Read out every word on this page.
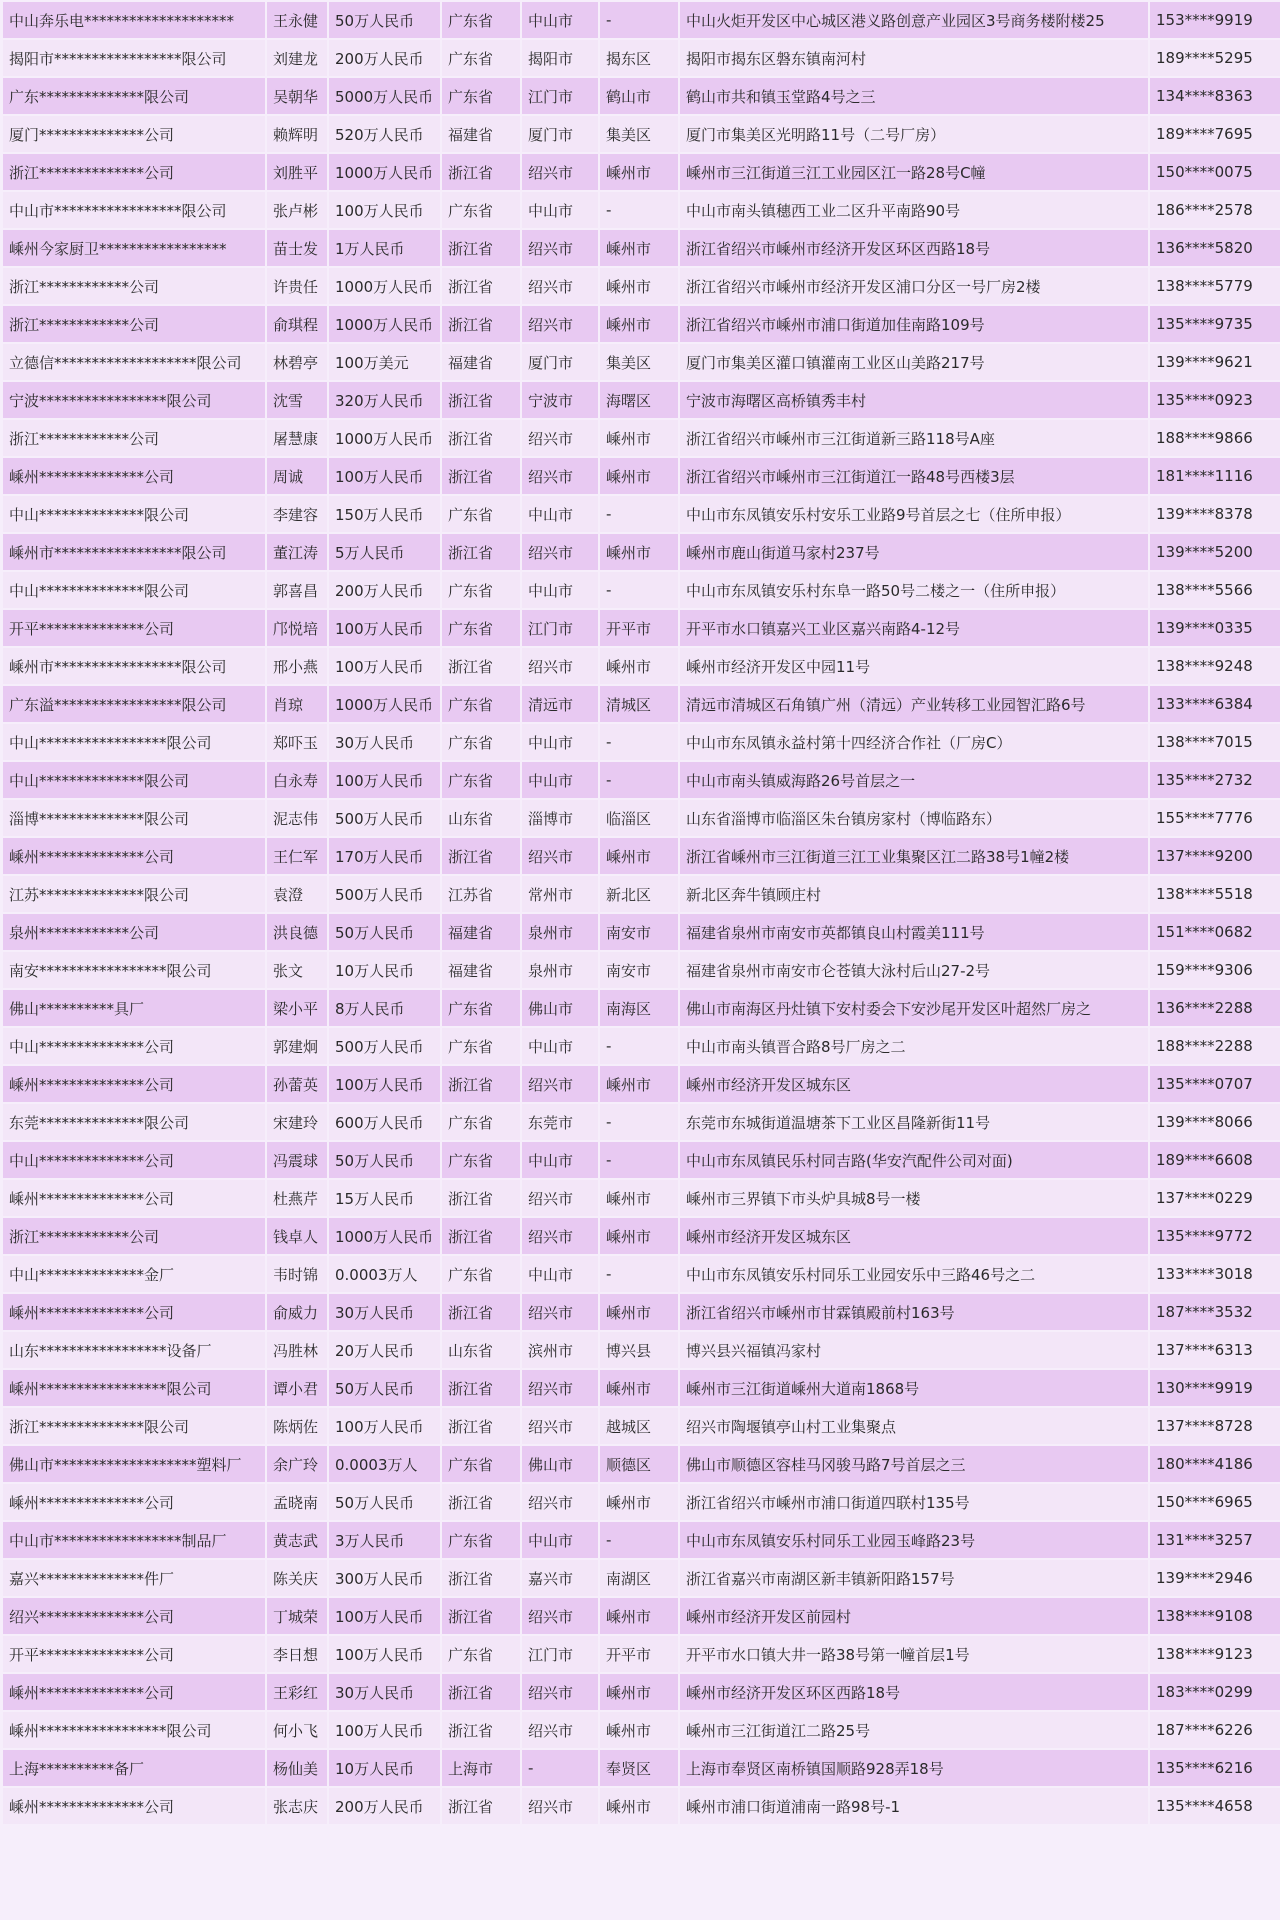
中山奔乐电********************	王永健	50万人民币	广东省	中山市	-	中山火炬开发区中心城区港义路创意产业园区3号商务楼附楼25	153****9919
揭阳市*****************限公司	刘建龙	200万人民币	广东省	揭阳市	揭东区	揭阳市揭东区磐东镇南河村	189****5295
广东**************限公司	吴朝华	5000万人民币	广东省	江门市	鹤山市	鹤山市共和镇玉堂路4号之三	134****8363
厦门**************公司	赖辉明	520万人民币	福建省	厦门市	集美区	厦门市集美区光明路11号（二号厂房）	189****7695
浙江**************公司	刘胜平	1000万人民币	浙江省	绍兴市	嵊州市	嵊州市三江街道三江工业园区江一路28号C幢	150****0075
中山市*****************限公司	张卢彬	100万人民币	广东省	中山市	-	中山市南头镇穗西工业二区升平南路90号	186****2578
嵊州今家厨卫*****************	苗士发	1万人民币	浙江省	绍兴市	嵊州市	浙江省绍兴市嵊州市经济开发区环区西路18号	136****5820
浙江************公司	许贵任	1000万人民币	浙江省	绍兴市	嵊州市	浙江省绍兴市嵊州市经济开发区浦口分区一号厂房2楼	138****5779
浙江************公司	俞琪程	1000万人民币	浙江省	绍兴市	嵊州市	浙江省绍兴市嵊州市浦口街道加佳南路109号	135****9735
立德信*******************限公司	林碧亭	100万美元	福建省	厦门市	集美区	厦门市集美区灌口镇灌南工业区山美路217号	139****9621
宁波*****************限公司	沈雪	320万人民币	浙江省	宁波市	海曙区	宁波市海曙区高桥镇秀丰村	135****0923
浙江************公司	屠慧康	1000万人民币	浙江省	绍兴市	嵊州市	浙江省绍兴市嵊州市三江街道新三路118号A座	188****9866
嵊州**************公司	周诚	100万人民币	浙江省	绍兴市	嵊州市	浙江省绍兴市嵊州市三江街道江一路48号西楼3层	181****1116
中山**************限公司	李建容	150万人民币	广东省	中山市	-	中山市东凤镇安乐村安乐工业路9号首层之七（住所申报）	139****8378
嵊州市*****************限公司	董江涛	5万人民币	浙江省	绍兴市	嵊州市	嵊州市鹿山街道马家村237号	139****5200
中山**************限公司	郭喜昌	200万人民币	广东省	中山市	-	中山市东凤镇安乐村东阜一路50号二楼之一（住所申报）	138****5566
开平**************公司	邝悦培	100万人民币	广东省	江门市	开平市	开平市水口镇嘉兴工业区嘉兴南路4-12号	139****0335
嵊州市*****************限公司	邢小燕	100万人民币	浙江省	绍兴市	嵊州市	嵊州市经济开发区中园11号	138****9248
广东溢*****************限公司	肖琼	1000万人民币	广东省	清远市	清城区	清远市清城区石角镇广州（清远）产业转移工业园智汇路6号	133****6384
中山*****************限公司	郑吓玉	30万人民币	广东省	中山市	-	中山市东凤镇永益村第十四经济合作社（厂房C）	138****7015
中山**************限公司	白永寿	100万人民币	广东省	中山市	-	中山市南头镇威海路26号首层之一	135****2732
淄博**************限公司	泥志伟	500万人民币	山东省	淄博市	临淄区	山东省淄博市临淄区朱台镇房家村（博临路东）	155****7776
嵊州**************公司	王仁军	170万人民币	浙江省	绍兴市	嵊州市	浙江省嵊州市三江街道三江工业集聚区江二路38号1幢2楼	137****9200
江苏**************限公司	袁澄	500万人民币	江苏省	常州市	新北区	新北区奔牛镇顾庄村	138****5518
泉州************公司	洪良德	50万人民币	福建省	泉州市	南安市	福建省泉州市南安市英都镇良山村霞美111号	151****0682
南安*****************限公司	张文	10万人民币	福建省	泉州市	南安市	福建省泉州市南安市仑苍镇大泳村后山27-2号	159****9306
佛山**********具厂	梁小平	8万人民币	广东省	佛山市	南海区	佛山市南海区丹灶镇下安村委会下安沙尾开发区叶超然厂房之	136****2288
中山**************公司	郭建炯	500万人民币	广东省	中山市	-	中山市南头镇晋合路8号厂房之二	188****2288
嵊州**************公司	孙蕾英	100万人民币	浙江省	绍兴市	嵊州市	嵊州市经济开发区城东区	135****0707
东莞**************限公司	宋建玲	600万人民币	广东省	东莞市	-	东莞市东城街道温塘茶下工业区昌隆新街11号	139****8066
中山**************公司	冯震球	50万人民币	广东省	中山市	-	中山市东凤镇民乐村同吉路(华安汽配件公司对面)	189****6608
嵊州**************公司	杜燕芹	15万人民币	浙江省	绍兴市	嵊州市	嵊州市三界镇下市头炉具城8号一楼	137****0229
浙江************公司	钱卓人	1000万人民币	浙江省	绍兴市	嵊州市	嵊州市经济开发区城东区	135****9772
中山**************金厂	韦时锦	0.0003万人	广东省	中山市	-	中山市东凤镇安乐村同乐工业园安乐中三路46号之二	133****3018
嵊州**************公司	俞威力	30万人民币	浙江省	绍兴市	嵊州市	浙江省绍兴市嵊州市甘霖镇殿前村163号	187****3532
山东*****************设备厂	冯胜林	20万人民币	山东省	滨州市	博兴县	博兴县兴福镇冯家村	137****6313
嵊州*****************限公司	谭小君	50万人民币	浙江省	绍兴市	嵊州市	嵊州市三江街道嵊州大道南1868号	130****9919
浙江**************限公司	陈炳佐	100万人民币	浙江省	绍兴市	越城区	绍兴市陶堰镇亭山村工业集聚点	137****8728
佛山市*******************塑料厂	余广玲	0.0003万人	广东省	佛山市	顺德区	佛山市顺德区容桂马冈骏马路7号首层之三	180****4186
嵊州**************公司	孟晓南	50万人民币	浙江省	绍兴市	嵊州市	浙江省绍兴市嵊州市浦口街道四联村135号	150****6965
中山市*****************制品厂	黄志武	3万人民币	广东省	中山市	-	中山市东凤镇安乐村同乐工业园玉峰路23号	131****3257
嘉兴**************件厂	陈关庆	300万人民币	浙江省	嘉兴市	南湖区	浙江省嘉兴市南湖区新丰镇新阳路157号	139****2946
绍兴**************公司	丁城荣	100万人民币	浙江省	绍兴市	嵊州市	嵊州市经济开发区前园村	138****9108
开平**************公司	李日想	100万人民币	广东省	江门市	开平市	开平市水口镇大井一路38号第一幢首层1号	138****9123
嵊州**************公司	王彩红	30万人民币	浙江省	绍兴市	嵊州市	嵊州市经济开发区环区西路18号	183****0299
嵊州*****************限公司	何小飞	100万人民币	浙江省	绍兴市	嵊州市	嵊州市三江街道江二路25号	187****6226
上海**********备厂	杨仙美	10万人民币	上海市	-	奉贤区	上海市奉贤区南桥镇国顺路928弄18号	135****6216
嵊州**************公司	张志庆	200万人民币	浙江省	绍兴市	嵊州市	嵊州市浦口街道浦南一路98号-1	135****4658
